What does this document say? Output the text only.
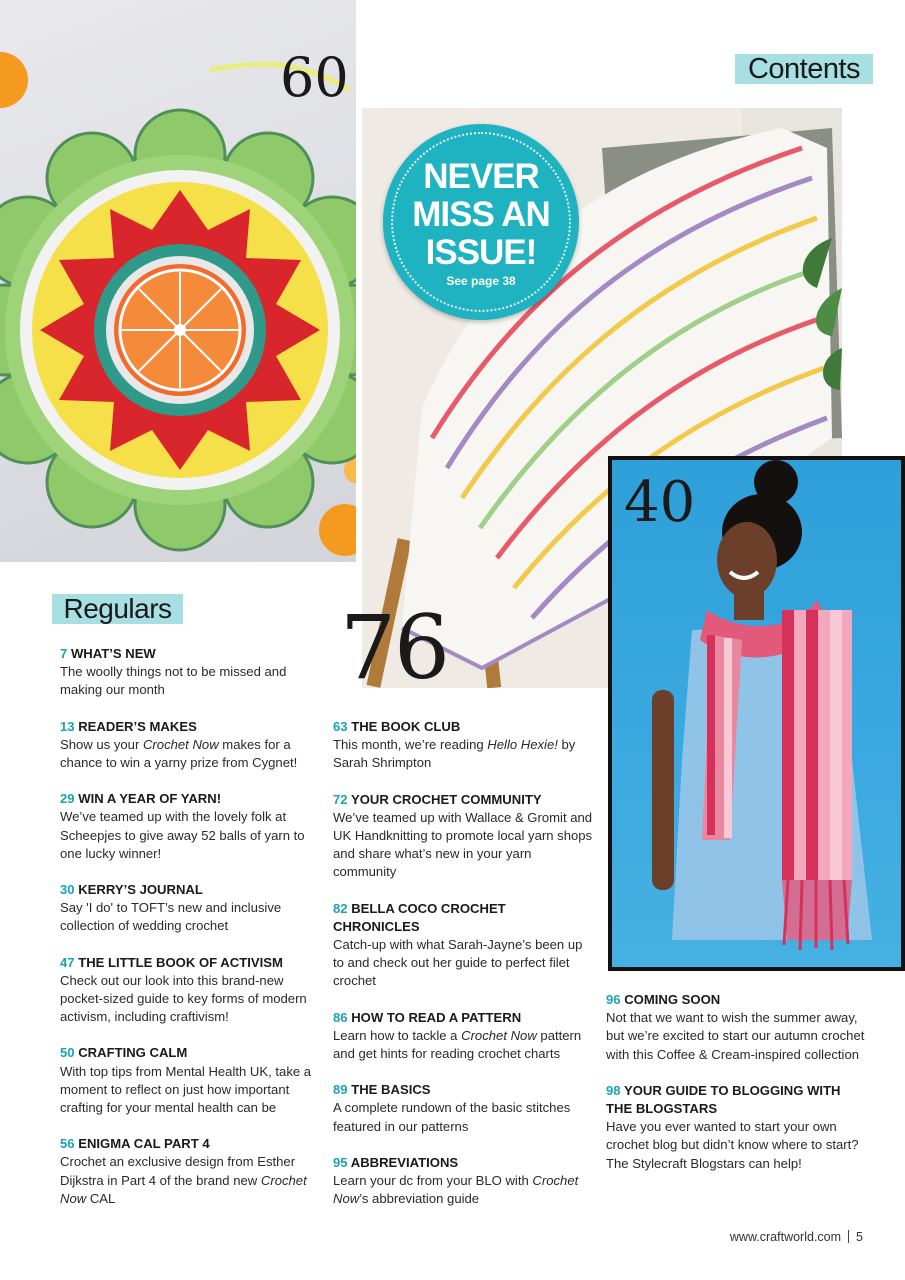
60	Contents
76
NEVER
MISS AN
ISSUE!
See page 38
40
Regulars
7 WHAT’S NEW
The woolly things not to be missed and making our month
13 READER’S MAKES
Show us your Crochet Now makes for a chance to win a yarny prize from Cygnet!
29 WIN A YEAR OF YARN!
We’ve teamed up with the lovely folk at Scheepjes to give away 52 balls of yarn to one lucky winner!
30 KERRY’S JOURNAL
Say 'I do' to TOFT’s new and inclusive collection of wedding crochet
47 THE LITTLE BOOK OF ACTIVISM
Check out our look into this brand-new pocket-sized guide to key forms of modern activism, including craftivism!
50 CRAFTING CALM
With top tips from Mental Health UK, take a moment to reflect on just how important crafting for your mental health can be
56 ENIGMA CAL PART 4
Crochet an exclusive design from Esther Dijkstra in Part 4 of the brand new Crochet Now CAL
63 THE BOOK CLUB
This month, we’re reading Hello Hexie! by Sarah Shrimpton
72 YOUR CROCHET COMMUNITY
We’ve teamed up with Wallace & Gromit and UK Handknitting to promote local yarn shops and share what’s new in your yarn community
82 BELLA COCO CROCHET CHRONICLES
Catch-up with what Sarah-Jayne’s been up to and check out her guide to perfect filet crochet
86 HOW TO READ A PATTERN
Learn how to tackle a Crochet Now pattern and get hints for reading crochet charts
89 THE BASICS
A complete rundown of the basic stitches featured in our patterns
95 ABBREVIATIONS
Learn your dc from your BLO with Crochet Now’s abbreviation guide
96 COMING SOON
Not that we want to wish the summer away, but we’re excited to start our autumn crochet with this Coffee & Cream-inspired collection
98 YOUR GUIDE TO BLOGGING WITH THE BLOGSTARS
Have you ever wanted to start your own crochet blog but didn’t know where to start? The Stylecraft Blogstars can help!
www.craftworld.com 5
